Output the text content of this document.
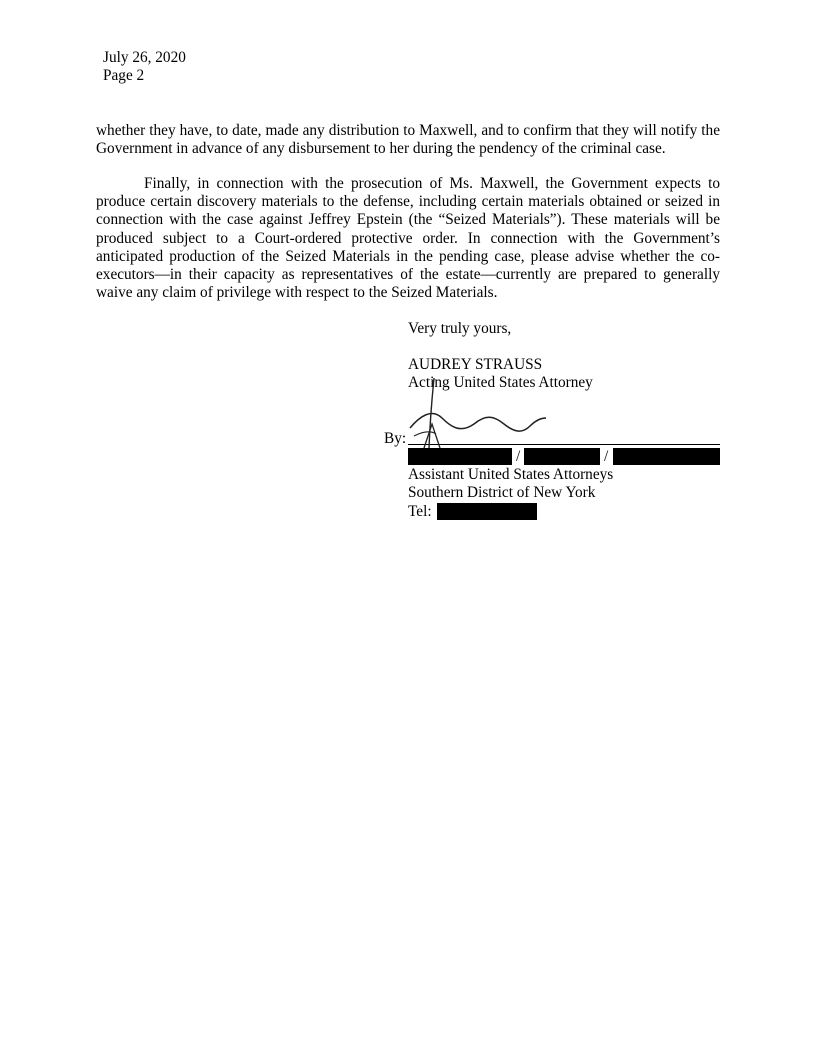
July 26, 2020
Page 2
whether they have, to date, made any distribution to Maxwell, and to confirm that they will notify the Government in advance of any disbursement to her during the pendency of the criminal case.
Finally, in connection with the prosecution of Ms. Maxwell, the Government expects to produce certain discovery materials to the defense, including certain materials obtained or seized in connection with the case against Jeffrey Epstein (the “Seized Materials”). These materials will be produced subject to a Court-ordered protective order. In connection with the Government’s anticipated production of the Seized Materials in the pending case, please advise whether the co-executors—in their capacity as representatives of the estate—currently are prepared to generally waive any claim of privilege with respect to the Seized Materials.
Very truly yours,
AUDREY STRAUSS
Acting United States Attorney
By:
/	/
Assistant United States Attorneys
Southern District of New York
Tel:
